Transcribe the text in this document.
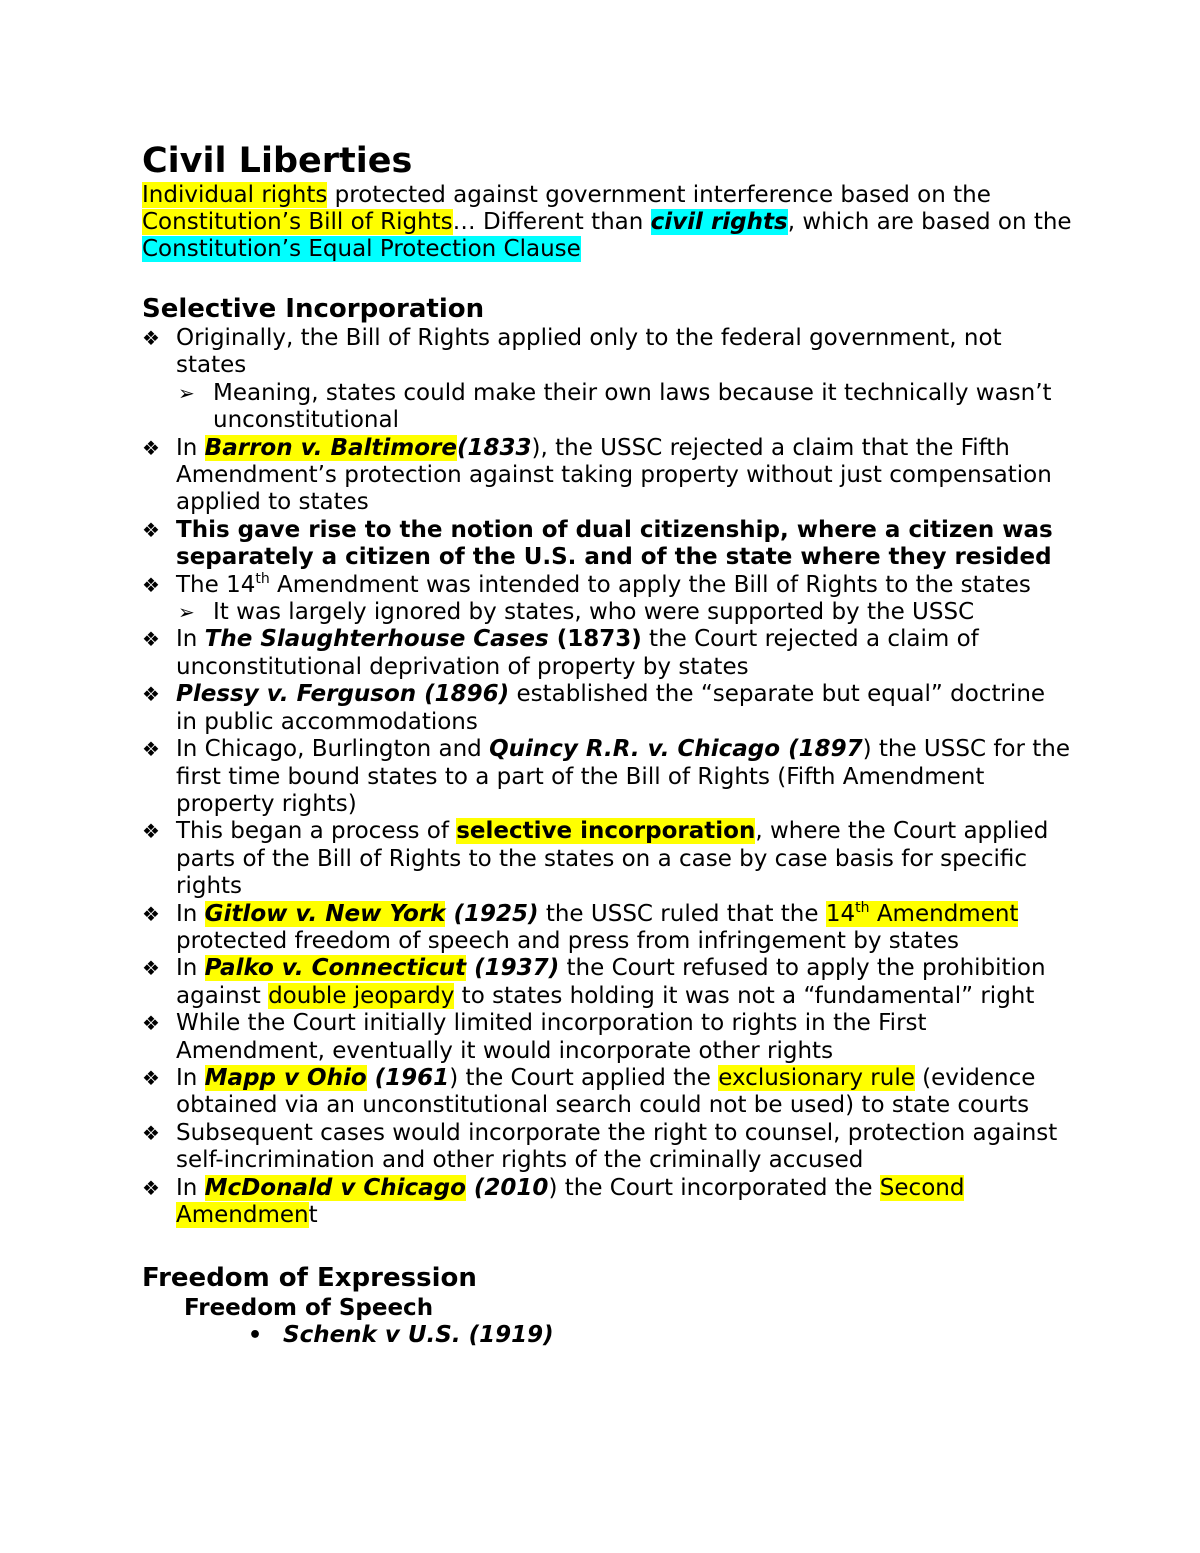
Civil Liberties

Individual rights protected against government interference based on the Constitution’s Bill of Rights… Different than civil rights, which are based on the Constitution’s Equal Protection Clause

Selective Incorporation
❖ Originally, the Bill of Rights applied only to the federal government, not states
➢ Meaning, states could make their own laws because it technically wasn’t unconstitutional
❖ In Barron v. Baltimore(1833), the USSC rejected a claim that the Fifth Amendment’s protection against taking property without just compensation applied to states
❖ This gave rise to the notion of dual citizenship, where a citizen was separately a citizen of the U.S. and of the state where they resided
❖ The 14th Amendment was intended to apply the Bill of Rights to the states
➢ It was largely ignored by states, who were supported by the USSC
❖ In The Slaughterhouse Cases (1873) the Court rejected a claim of unconstitutional deprivation of property by states
❖ Plessy v. Ferguson (1896) established the “separate but equal” doctrine in public accommodations
❖ In Chicago, Burlington and Quincy R.R. v. Chicago (1897) the USSC for the first time bound states to a part of the Bill of Rights (Fifth Amendment property rights)
❖ This began a process of selective incorporation, where the Court applied parts of the Bill of Rights to the states on a case by case basis for specific rights
❖ In Gitlow v. New York (1925) the USSC ruled that the 14th Amendment protected freedom of speech and press from infringement by states
❖ In Palko v. Connecticut (1937) the Court refused to apply the prohibition against double jeopardy to states holding it was not a “fundamental” right
❖ While the Court initially limited incorporation to rights in the First Amendment, eventually it would incorporate other rights
❖ In Mapp v Ohio (1961) the Court applied the exclusionary rule (evidence obtained via an unconstitutional search could not be used) to state courts
❖ Subsequent cases would incorporate the right to counsel, protection against self-incrimination and other rights of the criminally accused
❖ In McDonald v Chicago (2010) the Court incorporated the Second Amendment
Freedom of Expression
Freedom of Speech
• Schenk v U.S. (1919)
